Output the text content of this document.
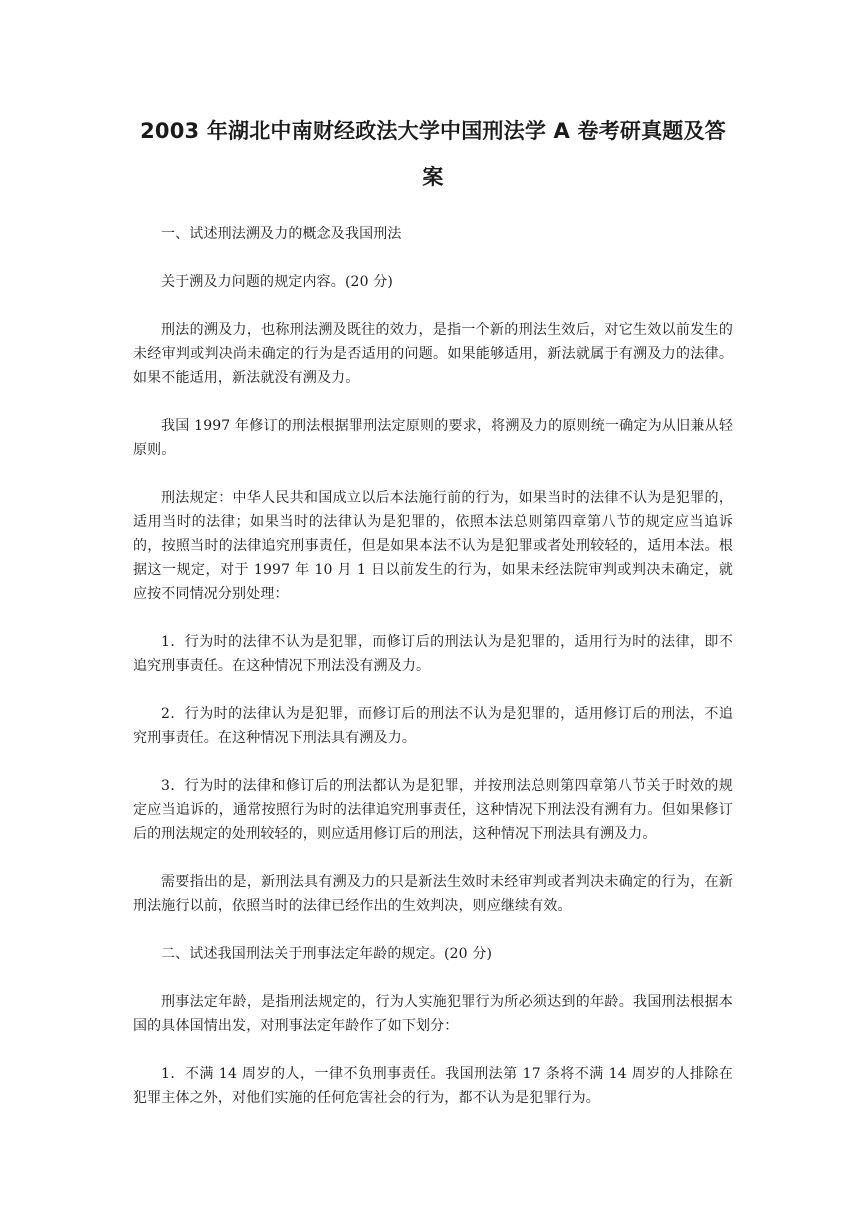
2003 年湖北中南财经政法大学中国刑法学 A 卷考研真题及答案

一、试述刑法溯及力的概念及我国刑法

关于溯及力问题的规定内容。(20 分)

刑法的溯及力，也称刑法溯及既往的效力，是指一个新的刑法生效后，对它生效以前发生的未经审判或判决尚未确定的行为是否适用的问题。如果能够适用，新法就属于有溯及力的法律。如果不能适用，新法就没有溯及力。

我国 1997 年修订的刑法根据罪刑法定原则的要求，将溯及力的原则统一确定为从旧兼从轻原则。

刑法规定：中华人民共和国成立以后本法施行前的行为，如果当时的法律不认为是犯罪的，适用当时的法律；如果当时的法律认为是犯罪的，依照本法总则第四章第八节的规定应当追诉的，按照当时的法律追究刑事责任，但是如果本法不认为是犯罪或者处刑较轻的，适用本法。根据这一规定，对于 1997 年 10 月 1 日以前发生的行为，如果未经法院审判或判决未确定，就应按不同情况分别处理：

1．行为时的法律不认为是犯罪，而修订后的刑法认为是犯罪的，适用行为时的法律，即不追究刑事责任。在这种情况下刑法没有溯及力。

2．行为时的法律认为是犯罪，而修订后的刑法不认为是犯罪的，适用修订后的刑法，不追究刑事责任。在这种情况下刑法具有溯及力。

3．行为时的法律和修订后的刑法都认为是犯罪，并按刑法总则第四章第八节关于时效的规定应当追诉的，通常按照行为时的法律追究刑事责任，这种情况下刑法没有溯有力。但如果修订后的刑法规定的处刑较轻的，则应适用修订后的刑法，这种情况下刑法具有溯及力。

需要指出的是，新刑法具有溯及力的只是新法生效时未经审判或者判决未确定的行为，在新刑法施行以前，依照当时的法律已经作出的生效判决，则应继续有效。

二、试述我国刑法关于刑事法定年龄的规定。(20 分)

刑事法定年龄，是指刑法规定的，行为人实施犯罪行为所必须达到的年龄。我国刑法根据本国的具体国情出发，对刑事法定年龄作了如下划分：

1．不满 14 周岁的人，一律不负刑事责任。我国刑法第 17 条将不满 14 周岁的人排除在犯罪主体之外，对他们实施的任何危害社会的行为，都不认为是犯罪行为。
